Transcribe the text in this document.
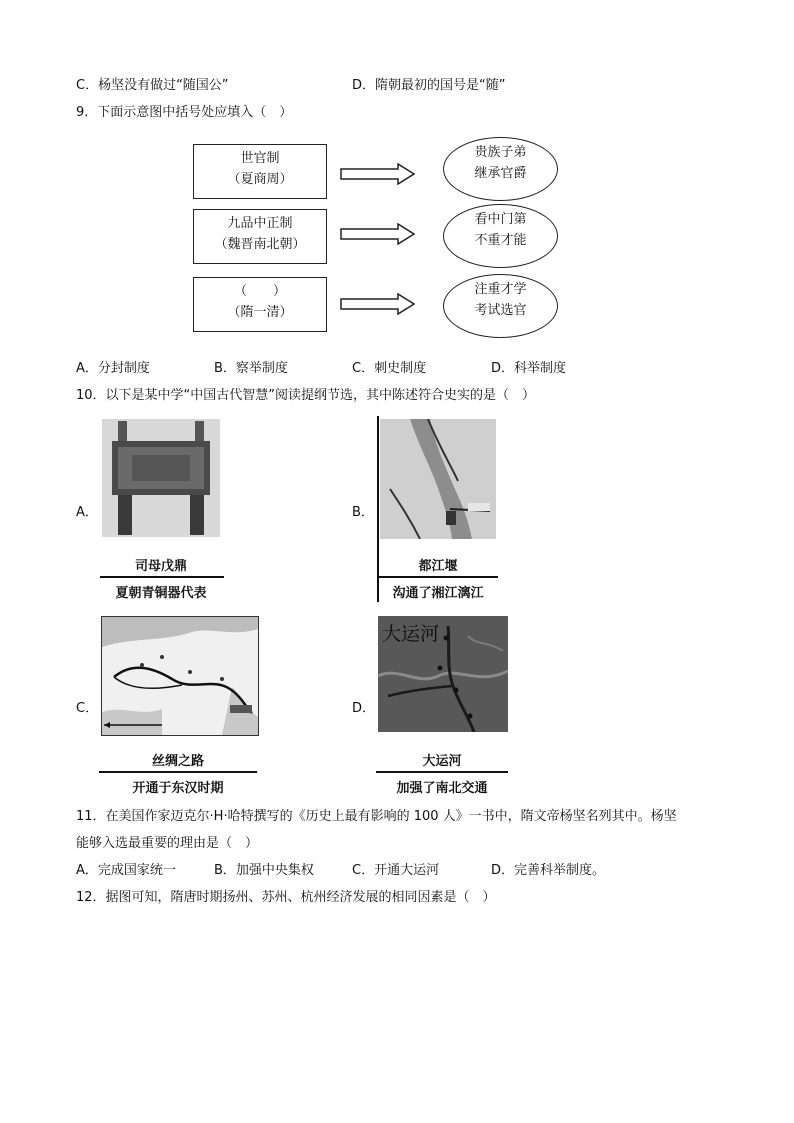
C．杨坚没有做过“随国公”	D．隋朝最初的国号是“随”
9．下面示意图中括号处应填入（　）
世官制
（夏商周）
贵族子弟
继承官爵
九品中正制
（魏晋南北朝）
看中门第
不重才能
（　　）
（隋一清）
注重才学
考试选官
A．分封制度	B．察举制度	C．刺史制度	D．科举制度
10．以下是某中学“中国古代智慧”阅读提纲节选，其中陈述符合史实的是（　）
A．
司母戊鼎
夏朝青铜器代表
B．
都江堰
沟通了湘江漓江
C．
丝绸之路
开通于东汉时期
D．
大运河
大运河
加强了南北交通
11．在美国作家迈克尔·H·哈特撰写的《历史上最有影响的 100 人》一书中，隋文帝杨坚名列其中。杨坚
能够入选最重要的理由是（　）
A．完成国家统一	B．加强中央集权	C．开通大运河	D．完善科举制度。
12．据图可知，隋唐时期扬州、苏州、杭州经济发展的相同因素是（　）
